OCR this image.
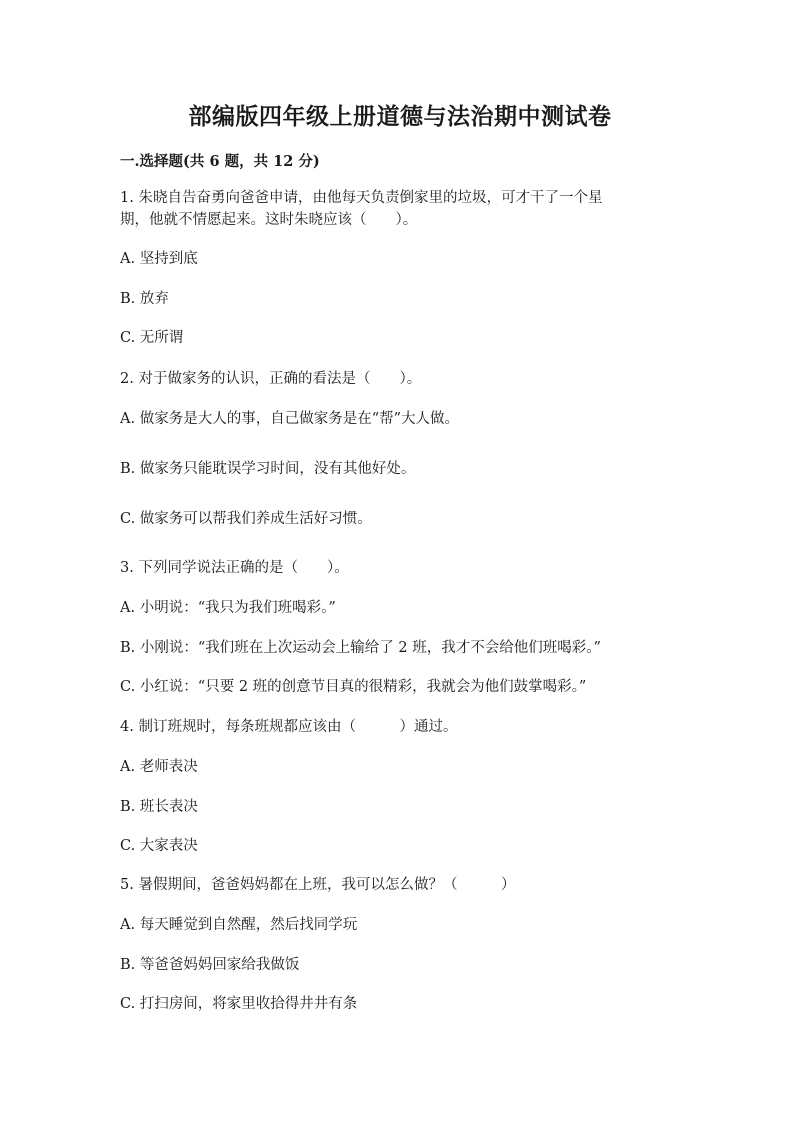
部编版四年级上册道德与法治期中测试卷
一.选择题(共 6 题，共 12 分)
1. 朱晓自告奋勇向爸爸申请，由他每天负责倒家里的垃圾，可才干了一个星
期，他就不情愿起来。这时朱晓应该（　　）。
A. 坚持到底
B. 放弃
C. 无所谓
2. 对于做家务的认识，正确的看法是（　　）。
A. 做家务是大人的事，自己做家务是在“帮”大人做。
B. 做家务只能耽误学习时间，没有其他好处。
C. 做家务可以帮我们养成生活好习惯。
3. 下列同学说法正确的是（　　）。
A. 小明说：“我只为我们班喝彩。”
B. 小刚说：“我们班在上次运动会上输给了 2 班，我才不会给他们班喝彩。”
C. 小红说：“只要 2 班的创意节目真的很精彩，我就会为他们鼓掌喝彩。”
4. 制订班规时，每条班规都应该由（　　　）通过。
A. 老师表决
B. 班长表决
C. 大家表决
5. 暑假期间，爸爸妈妈都在上班，我可以怎么做？（　　　）
A. 每天睡觉到自然醒，然后找同学玩
B. 等爸爸妈妈回家给我做饭
C. 打扫房间，将家里收拾得井井有条
